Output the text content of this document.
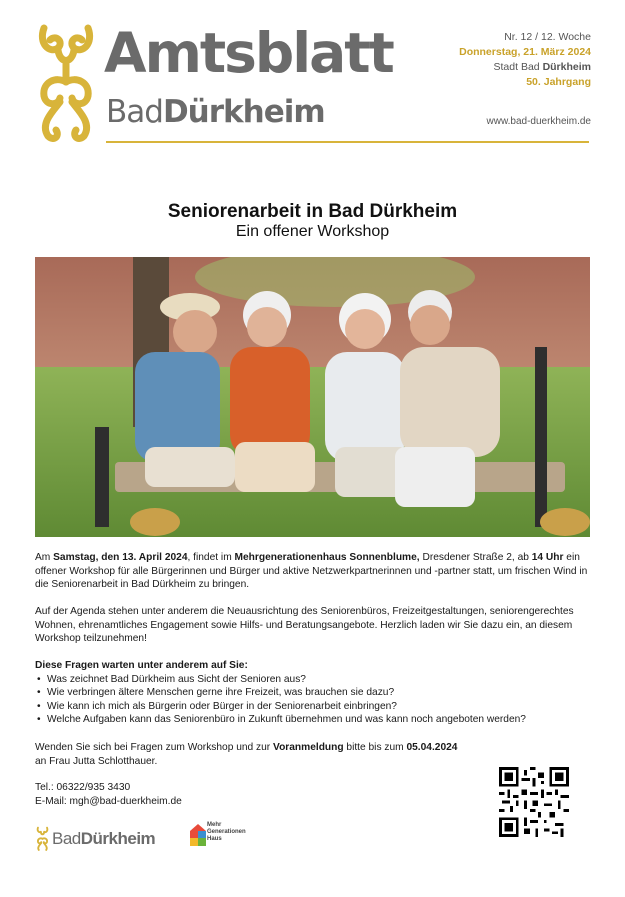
Amtsblatt
BadDürkheim
Nr. 12 / 12. Woche
Donnerstag, 21. März 2024
Stadt Bad Dürkheim
50. Jahrgang
www.bad-duerkheim.de
Seniorenarbeit in Bad Dürkheim
Ein offener Workshop
Am Samstag, den 13. April 2024, findet im Mehrgenerationenhaus Sonnenblume, Dresdener Straße 2, ab 14 Uhr ein offener Workshop für alle Bürgerinnen und Bürger und aktive Netzwerkpartnerinnen und -partner statt, um frischen Wind in die Seniorenarbeit in Bad Dürkheim zu bringen.
Auf der Agenda stehen unter anderem die Neuausrichtung des Seniorenbüros, Freizeitgestaltungen, seniorengerechtes Wohnen, ehrenamtliches Engagement sowie Hilfs- und Beratungsangebote. Herzlich laden wir Sie dazu ein, an diesem Workshop teilzunehmen!
Diese Fragen warten unter anderem auf Sie:
• Was zeichnet Bad Dürkheim aus Sicht der Senioren aus?
• Wie verbringen ältere Menschen gerne ihre Freizeit, was brauchen sie dazu?
• Wie kann ich mich als Bürgerin oder Bürger in der Seniorenarbeit einbringen?
• Welche Aufgaben kann das Seniorenbüro in Zukunft übernehmen und was kann noch angeboten werden?
Wenden Sie sich bei Fragen zum Workshop und zur Voranmeldung bitte bis zum 05.04.2024
an Frau Jutta Schlotthauer.
Tel.: 06322/935 3430
E-Mail: mgh@bad-duerkheim.de
BadDürkheim
Mehr
Generationen
Haus
